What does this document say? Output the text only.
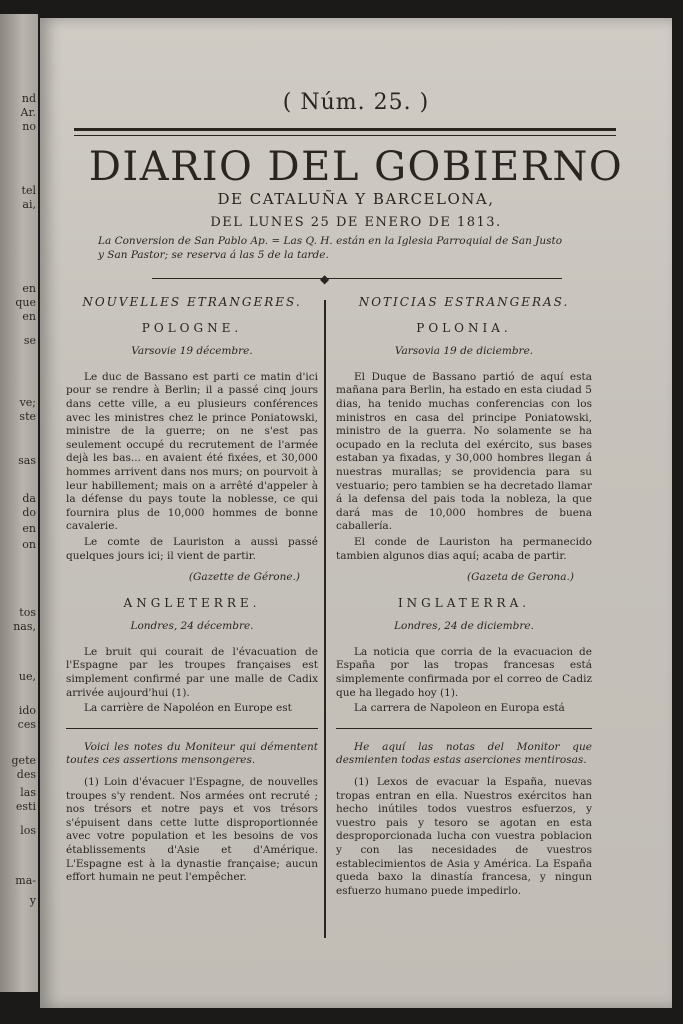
nd
Ar.
no
tel
ai,
en
que
en
se
ve;
ste
sas
da
do
en
on
tos
nas,
ue,
ido
ces
gete
des
las
esti
los
ma-
y
( Núm. 25. )
DIARIO DEL GOBIERNO
DE CATALUÑA Y BARCELONA,
DEL LUNES 25 DE ENERO DE 1813.
La Conversion de San Pablo Ap. = Las Q. H. están en la Iglesia Parroquial de San Justo y San Pastor; se reserva á las 5 de la tarde.
◆
NOUVELLES ETRANGERES.
POLOGNE.
Varsovie 19 décembre.

Le duc de Bassano est parti ce matin d'ici pour se rendre à Berlin; il a passé cinq jours dans cette ville, a eu plusieurs conférences avec les ministres chez le prince Poniatowski, ministre de la guerre; on ne s'est pas seulement occupé du recrutement de l'armée dejà les bas... en avaient été fixées, et 30,000 hommes arrivent dans nos murs; on pourvoit à leur habillement; mais on a arrêté d'appeler à la défense du pays toute la noblesse, ce qui fournira plus de 10,000 hommes de bonne cavalerie.

Le comte de Lauriston a aussi passé quelques jours ici; il vient de partir.

(Gazette de Gérone.)
ANGLETERRE.
Londres, 24 décembre.

Le bruit qui courait de l'évacuation de l'Espagne par les troupes françaises est simplement confirmé par une malle de Cadix arrivée aujourd'hui (1).

La carrière de Napoléon en Europe est

Voici les notes du Moniteur qui démentent toutes ces assertions mensongeres.

(1) Loin d'évacuer l'Espagne, de nouvelles troupes s'y rendent. Nos armées ont recruté ; nos trésors et notre pays et vos trésors s'épuisent dans cette lutte disproportionnée avec votre population et les besoins de vos établissements d'Asie et d'Amérique. L'Espagne est à la dynastie française; aucun effort humain ne peut l'empêcher.

NOTICIAS ESTRANGERAS.
POLONIA.
Varsovia 19 de diciembre.

El Duque de Bassano partió de aquí esta mañana para Berlin, ha estado en esta ciudad 5 dias, ha tenido muchas conferencias con los ministros en casa del principe Poniatowski, ministro de la guerra. No solamente se ha ocupado en la recluta del exército, sus bases estaban ya fixadas, y 30,000 hombres llegan á nuestras murallas; se providencia para su vestuario; pero tambien se ha decretado llamar á la defensa del pais toda la nobleza, la que dará mas de 10,000 hombres de buena caballería.

El conde de Lauriston ha permanecido tambien algunos dias aquí; acaba de partir.

(Gazeta de Gerona.)
INGLATERRA.
Londres, 24 de diciembre.

La noticia que corria de la evacuacion de España por las tropas francesas está simplemente confirmada por el correo de Cadiz que ha llegado hoy (1).

La carrera de Napoleon en Europa está

He aquí las notas del Monitor que desmienten todas estas aserciones mentirosas.

(1) Lexos de evacuar la España, nuevas tropas entran en ella. Nuestros exércitos han hecho inútiles todos vuestros esfuerzos, y vuestro pais y tesoro se agotan en esta desproporcionada lucha con vuestra poblacion y con las necesidades de vuestros establecimientos de Asia y América. La España queda baxo la dinastía francesa, y ningun esfuerzo humano puede impedirlo.
